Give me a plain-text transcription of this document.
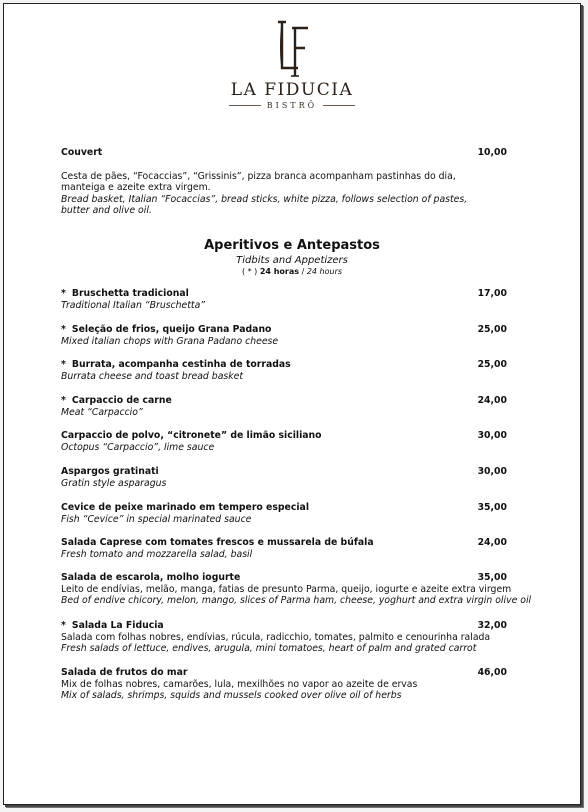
LA FIDUCIA
BISTRÔ
Couvert	10,00
Cesta de pães, “Focaccias”, “Grissinis”, pizza branca acompanham pastinhas do dia,
manteiga e azeite extra virgem.
Bread basket, Italian “Focaccias”, bread sticks, white pizza, follows selection of pastes,
butter and olive oil.
Aperitivos e Antepastos
Tidbits and Appetizers
( * ) 24 horas / 24 hours
* Bruschetta tradicional	17,00
Traditional Italian “Bruschetta”
* Seleção de frios, queijo Grana Padano	25,00
Mixed italian chops with Grana Padano cheese
* Burrata, acompanha cestinha de torradas	25,00
Burrata cheese and toast bread basket
* Carpaccio de carne	24,00
Meat “Carpaccio”
Carpaccio de polvo, “citronete” de limão siciliano	30,00
Octopus “Carpaccio”, lime sauce
Aspargos gratinati	30,00
Gratin style asparagus
Cevice de peixe marinado em tempero especial	35,00
Fish “Cevice” in special marinated sauce
Salada Caprese com tomates frescos e mussarela de búfala	24,00
Fresh tomato and mozzarella salad, basil
Salada de escarola, molho iogurte	35,00
Leito de endívias, melão, manga, fatias de presunto Parma, queijo, iogurte e azeite extra virgem
Bed of endive chicory, melon, mango, slices of Parma ham, cheese, yoghurt and extra virgin olive oil
* Salada La Fiducia	32,00
Salada com folhas nobres, endívias, rúcula, radicchio, tomates, palmito e cenourinha ralada
Fresh salads of lettuce, endives, arugula, mini tomatoes, heart of palm and grated carrot
Salada de frutos do mar	46,00
Mix de folhas nobres, camarões, lula, mexilhões no vapor ao azeite de ervas
Mix of salads, shrimps, squids and mussels cooked over olive oil of herbs
